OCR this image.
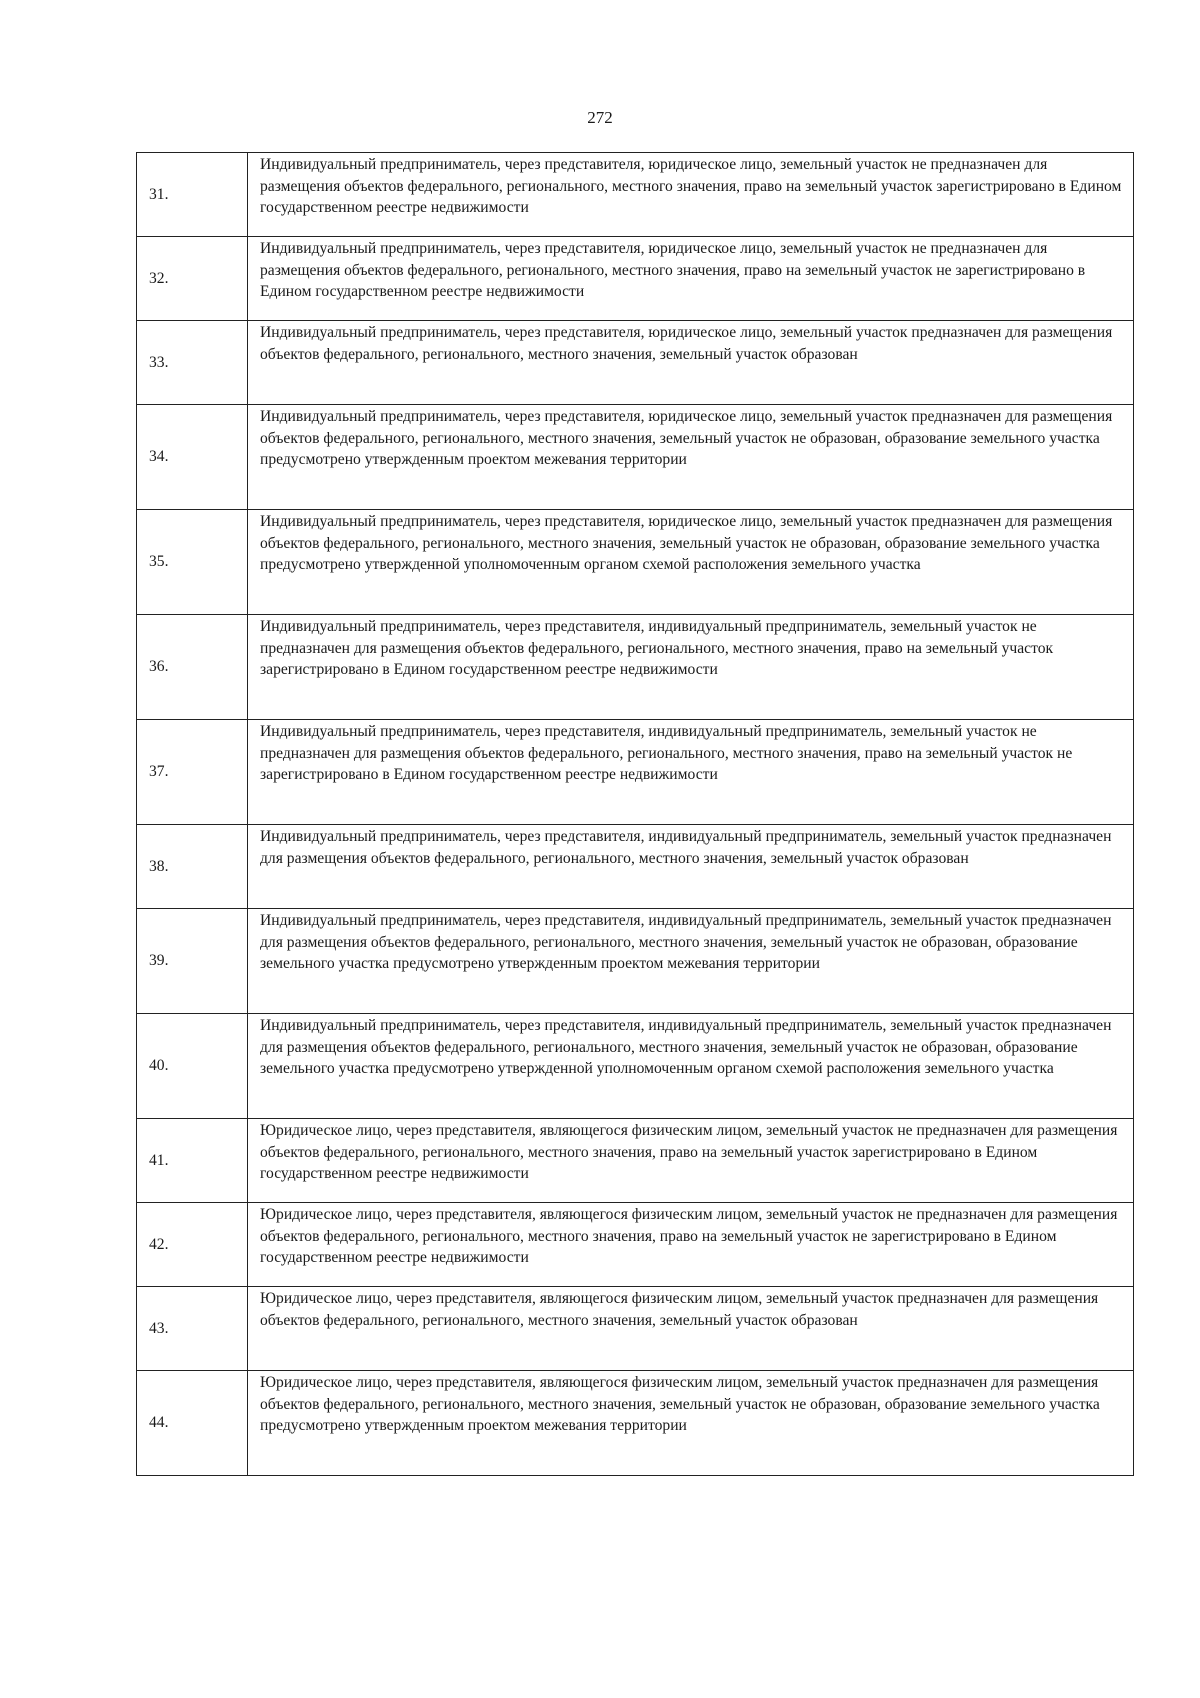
272
31.	Индивидуальный предприниматель, через представителя, юридическое лицо, земельный участок не предназначен для размещения объектов федерального, регионального, местного значения, право на земельный участок зарегистрировано в Едином государственном реестре недвижимости
32.	Индивидуальный предприниматель, через представителя, юридическое лицо, земельный участок не предназначен для размещения объектов федерального, регионального, местного значения, право на земельный участок не зарегистрировано в Едином государственном реестре недвижимости
33.	Индивидуальный предприниматель, через представителя, юридическое лицо, земельный участок предназначен для размещения объектов федерального, регионального, местного значения, земельный участок образован
34.	Индивидуальный предприниматель, через представителя, юридическое лицо, земельный участок предназначен для размещения объектов федерального, регионального, местного значения, земельный участок не образован, образование земельного участка предусмотрено утвержденным проектом межевания территории
35.	Индивидуальный предприниматель, через представителя, юридическое лицо, земельный участок предназначен для размещения объектов федерального, регионального, местного значения, земельный участок не образован, образование земельного участка предусмотрено утвержденной уполномоченным органом схемой расположения земельного участка
36.	Индивидуальный предприниматель, через представителя, индивидуальный предприниматель, земельный участок не предназначен для размещения объектов федерального, регионального, местного значения, право на земельный участок зарегистрировано в Едином государственном реестре недвижимости
37.	Индивидуальный предприниматель, через представителя, индивидуальный предприниматель, земельный участок не предназначен для размещения объектов федерального, регионального, местного значения, право на земельный участок не зарегистрировано в Едином государственном реестре недвижимости
38.	Индивидуальный предприниматель, через представителя, индивидуальный предприниматель, земельный участок предназначен для размещения объектов федерального, регионального, местного значения, земельный участок образован
39.	Индивидуальный предприниматель, через представителя, индивидуальный предприниматель, земельный участок предназначен для размещения объектов федерального, регионального, местного значения, земельный участок не образован, образование земельного участка предусмотрено утвержденным проектом межевания территории
40.	Индивидуальный предприниматель, через представителя, индивидуальный предприниматель, земельный участок предназначен для размещения объектов федерального, регионального, местного значения, земельный участок не образован, образование земельного участка предусмотрено утвержденной уполномоченным органом схемой расположения земельного участка
41.	Юридическое лицо, через представителя, являющегося физическим лицом, земельный участок не предназначен для размещения объектов федерального, регионального, местного значения, право на земельный участок зарегистрировано в Едином государственном реестре недвижимости
42.	Юридическое лицо, через представителя, являющегося физическим лицом, земельный участок не предназначен для размещения объектов федерального, регионального, местного значения, право на земельный участок не зарегистрировано в Едином государственном реестре недвижимости
43.	Юридическое лицо, через представителя, являющегося физическим лицом, земельный участок предназначен для размещения объектов федерального, регионального, местного значения, земельный участок образован
44.	Юридическое лицо, через представителя, являющегося физическим лицом, земельный участок предназначен для размещения объектов федерального, регионального, местного значения, земельный участок не образован, образование земельного участка предусмотрено утвержденным проектом межевания территории
